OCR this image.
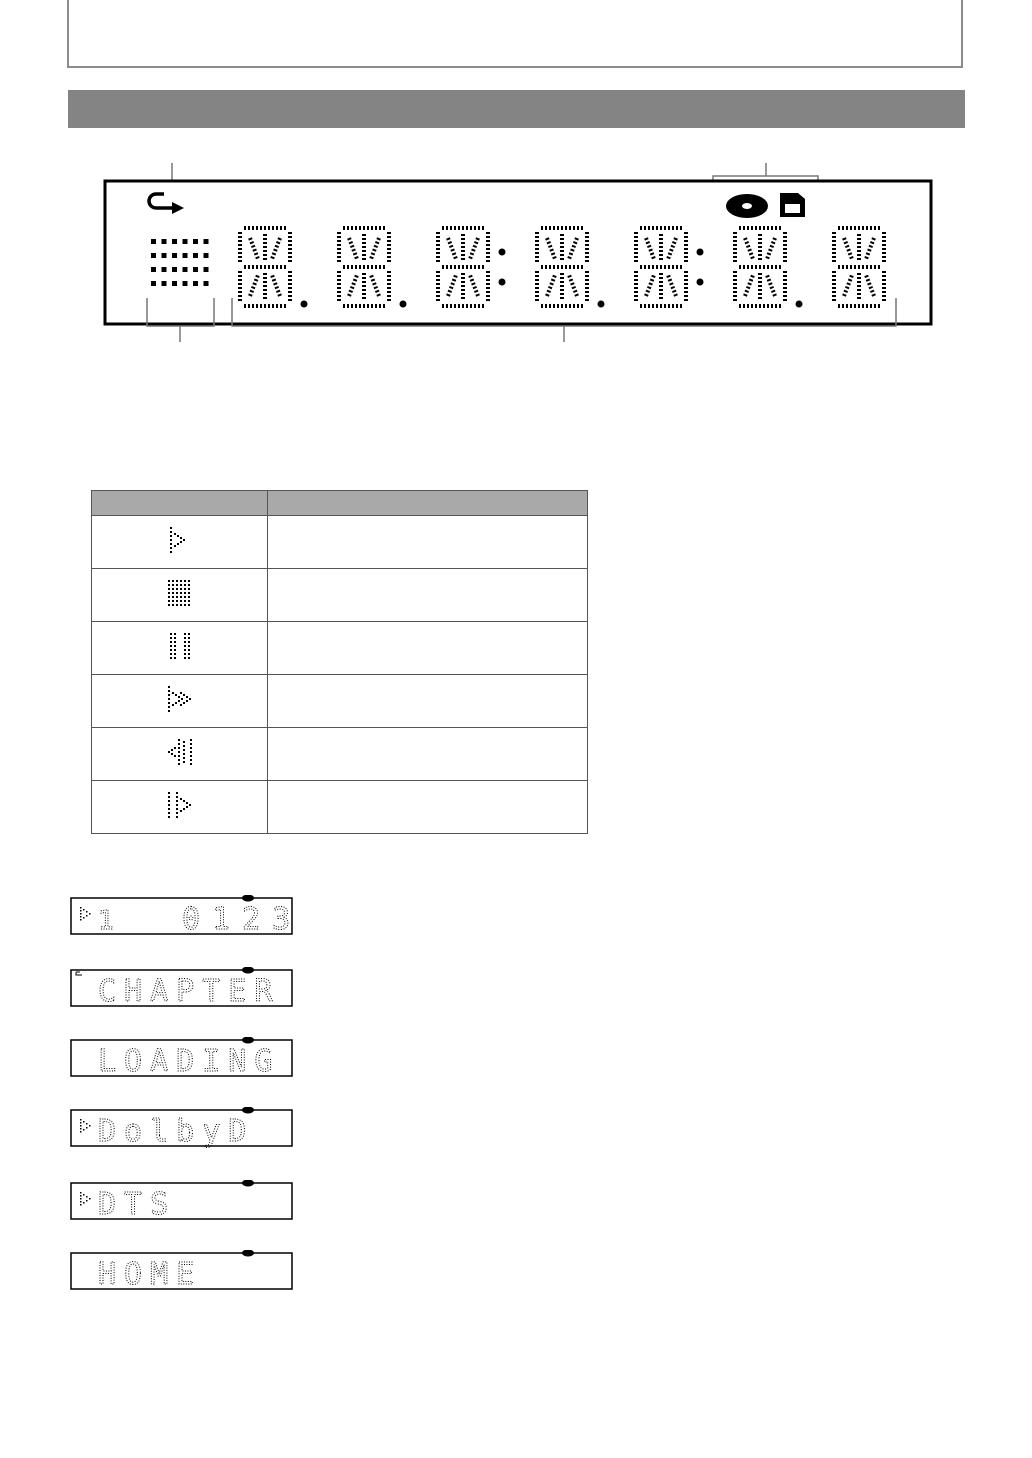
0123
1
CHAPTER
LOADING
DolbyD
DTS
HOME
